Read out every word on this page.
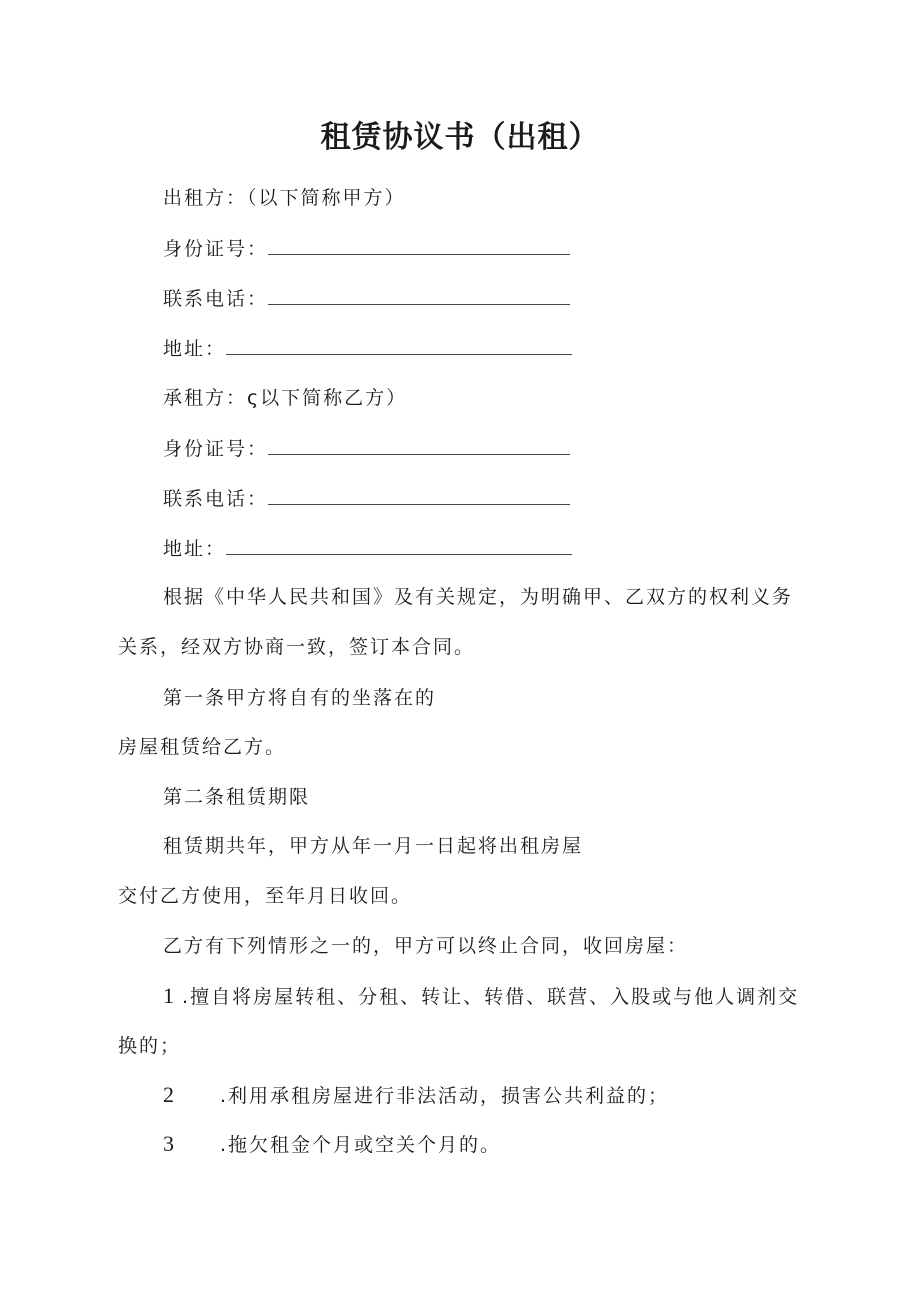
租赁协议书（出租）
出租方：（以下简称甲方）
身份证号：
联系电话：
地址：
承租方：ς以下简称乙方）
身份证号：
联系电话：
地址：
根据《中华人民共和国》及有关规定，为明确甲、乙双方的权利义务
关系，经双方协商一致，签订本合同。
第一条甲方将自有的坐落在的
房屋租赁给乙方。
第二条租赁期限
租赁期共年，甲方从年一月一日起将出租房屋
交付乙方使用，至年月日收回。
乙方有下列情形之一的，甲方可以终止合同，收回房屋：
1 .擅自将房屋转租、分租、转让、转借、联营、入股或与他人调剂交
换的；
2 .利用承租房屋进行非法活动，损害公共利益的；
3 .拖欠租金个月或空关个月的。
